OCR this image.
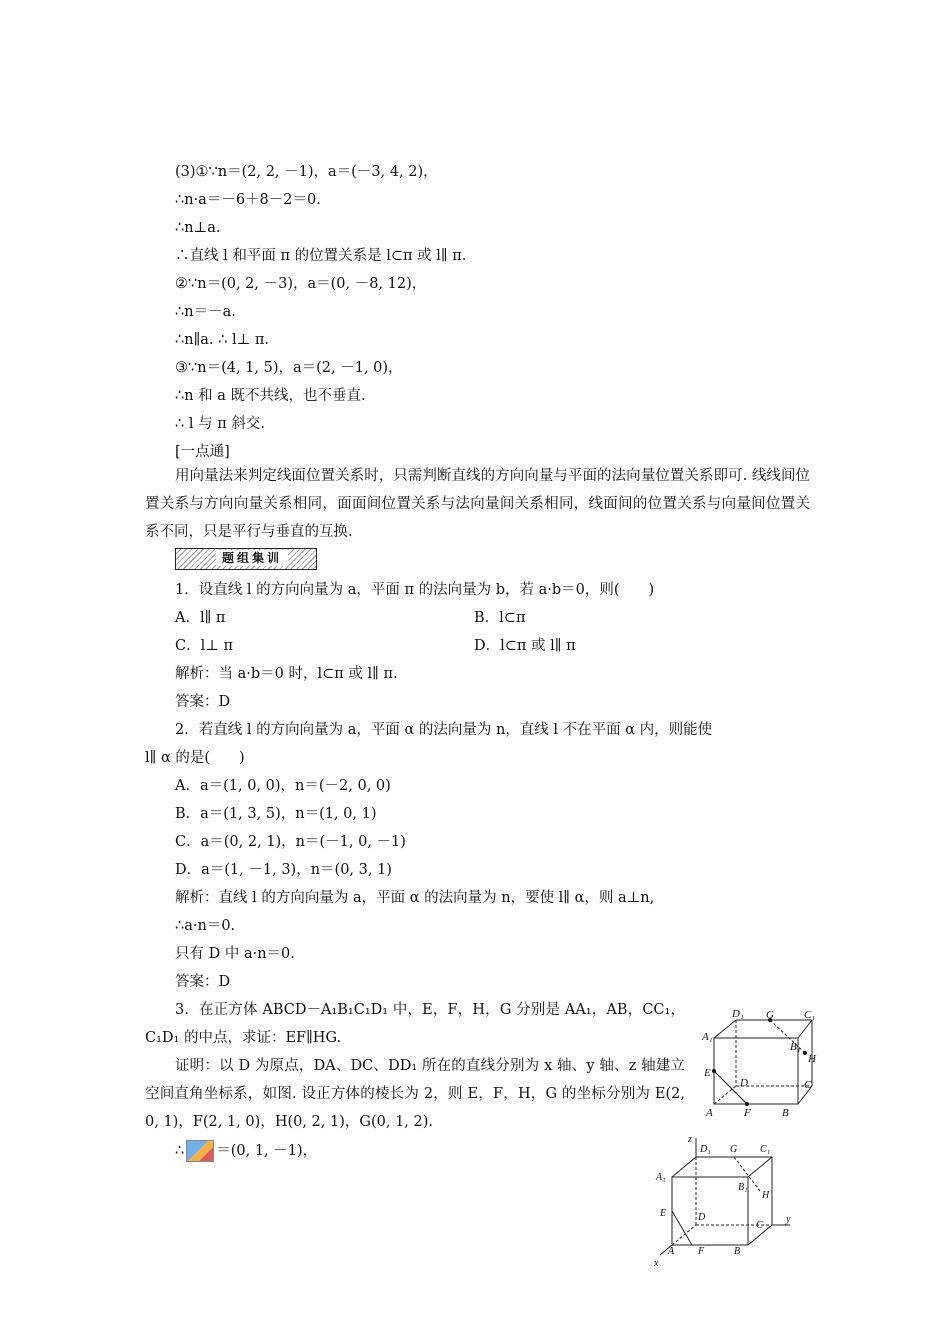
(3)①∵n＝(2, 2, －1)，a＝(－3, 4, 2)，
∴n·a＝－6＋8－2＝0.
∴n⊥a.
∴直线 l 和平面 π 的位置关系是 l⊂π 或 l∥ π.
②∵n＝(0, 2, －3)，a＝(0, －8, 12)，
∴n＝－a.
∴n∥a. ∴ l⊥ π.
③∵n＝(4, 1, 5)，a＝(2, －1, 0)，
∴n 和 a 既不共线，也不垂直.
∴ l 与 π 斜交.
[一点通]
用向量法来判定线面位置关系时，只需判断直线的方向向量与平面的法向量位置关系即可. 线线间位置关系与方向向量关系相同，面面间位置关系与法向量间关系相同，线面间的位置关系与向量间位置关系不同，只是平行与垂直的互换.
题组集训
1．设直线 l 的方向向量为 a，平面 π 的法向量为 b，若 a·b＝0，则(　　)
A．l∥ π	B．l⊂π
C．l⊥ π	D．l⊂π 或 l∥ π
解析：当 a·b＝0 时，l⊂π 或 l∥ π.
答案：D
2．若直线 l 的方向向量为 a，平面 α 的法向量为 n，直线 l 不在平面 α 内，则能使
l∥ α 的是(　　)
A．a＝(1, 0, 0)，n＝(－2, 0, 0)
B．a＝(1, 3, 5)，n＝(1, 0, 1)
C．a＝(0, 2, 1)，n＝(－1, 0, －1)
D．a＝(1, －1, 3)，n＝(0, 3, 1)
解析：直线 l 的方向向量为 a，平面 α 的法向量为 n，要使 l∥ α，则 a⊥n,
∴a·n＝0.
只有 D 中 a·n＝0.
答案：D
3．在正方体 ABCD－A₁B₁C₁D₁ 中，E，F，H，G 分别是 AA₁，AB，CC₁，C₁D₁ 的中点，求证：EF∥HG.
证明：以 D 为原点，DA、DC、DD₁ 所在的直线分别为 x 轴、y 轴、z 轴建立空间直角坐标系，如图. 设正方体的棱长为 2，则 E，F，H，G 的坐标分别为 E(2, 0, 1)，F(2, 1, 0)，H(0, 2, 1)，G(0, 1, 2).
∴ ＝(0, 1, －1)，
D₁ G	C₁
A₁
B₁
H
E
D	C
A	F	B
z
D₁ G C₁
A₁
B₁
H
E	D
C
y
A F	B
x
